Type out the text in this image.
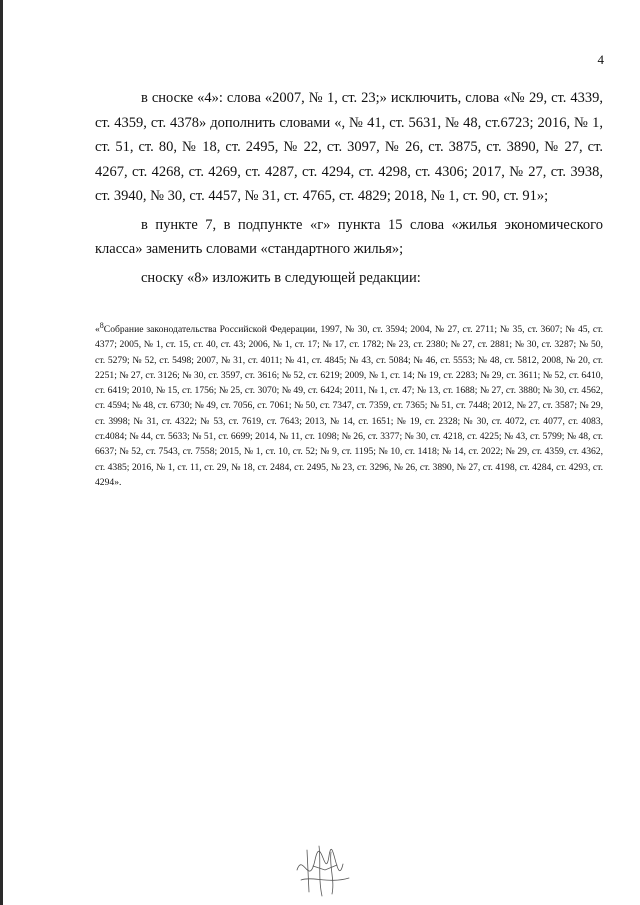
4

в сноске «4»: слова «2007, № 1, ст. 23;» исключить, слова «№ 29, ст. 4339, ст. 4359, ст. 4378» дополнить словами «, № 41, ст. 5631, № 48, ст.6723; 2016, № 1, ст. 51, ст. 80, № 18, ст. 2495, № 22, ст. 3097, № 26, ст. 3875, ст. 3890, № 27, ст. 4267, ст. 4268, ст. 4269, ст. 4287, ст. 4294, ст. 4298, ст. 4306; 2017, № 27, ст. 3938, ст. 3940, № 30, ст. 4457, № 31, ст. 4765, ст. 4829; 2018, № 1, ст. 90, ст. 91»;

в пункте 7, в подпункте «г» пункта 15 слова «жилья экономического класса» заменить словами «стандартного жилья»;

сноску «8» изложить в следующей редакции:

«$^8$Собрание законодательства Российской Федерации, 1997, № 30, ст. 3594; 2004, № 27, ст. 2711; № 35, ст. 3607; № 45, ст. 4377; 2005, № 1, ст. 15, ст. 40, ст. 43; 2006, № 1, ст. 17; № 17, ст. 1782; № 23, ст. 2380; № 27, ст. 2881; № 30, ст. 3287; № 50, ст. 5279; № 52, ст. 5498; 2007, № 31, ст. 4011; № 41, ст. 4845; № 43, ст. 5084; № 46, ст. 5553; № 48, ст. 5812, 2008, № 20, ст. 2251; № 27, ст. 3126; № 30, ст. 3597, ст. 3616; № 52, ст. 6219; 2009, № 1, ст. 14; № 19, ст. 2283; № 29, ст. 3611; № 52, ст. 6410, ст. 6419; 2010, № 15, ст. 1756; № 25, ст. 3070; № 49, ст. 6424; 2011, № 1, ст. 47; № 13, ст. 1688; № 27, ст. 3880; № 30, ст. 4562, ст. 4594; № 48, ст. 6730; № 49, ст. 7056, ст. 7061; № 50, ст. 7347, ст. 7359, ст. 7365; № 51, ст. 7448; 2012, № 27, ст. 3587; № 29, ст. 3998; № 31, ст. 4322; № 53, ст. 7619, ст. 7643; 2013, № 14, ст. 1651; № 19, ст. 2328; № 30, ст. 4072, ст. 4077, ст. 4083, ст.4084; № 44, ст. 5633; № 51, ст. 6699; 2014, № 11, ст. 1098; № 26, ст. 3377; № 30, ст. 4218, ст. 4225; № 43, ст. 5799; № 48, ст. 6637; № 52, ст. 7543, ст. 7558; 2015, № 1, ст. 10, ст. 52; № 9, ст. 1195; № 10, ст. 1418; № 14, ст. 2022; № 29, ст. 4359, ст. 4362, ст. 4385; 2016, № 1, ст. 11, ст. 29, № 18, ст. 2484, ст. 2495, № 23, ст. 3296, № 26, ст. 3890, № 27, ст. 4198, ст. 4284, ст. 4293, ст. 4294».
